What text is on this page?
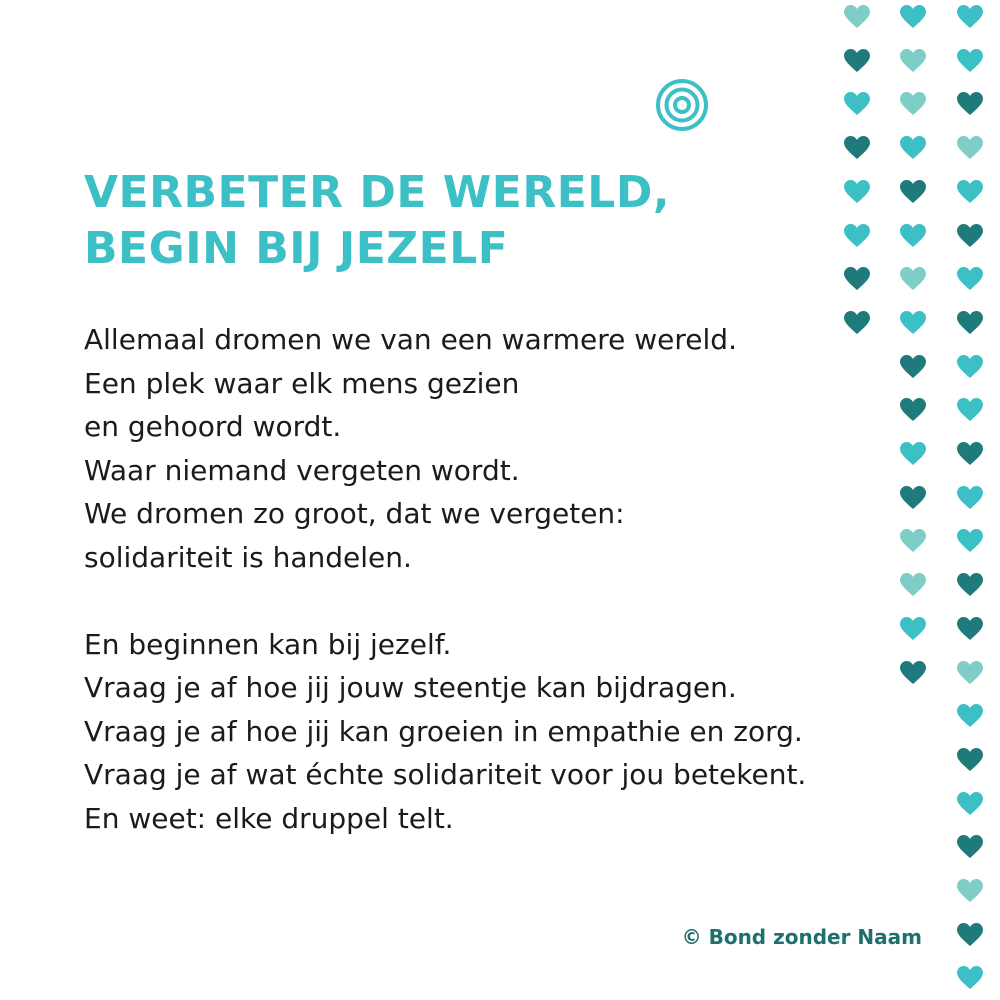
VERBETER DE WERELD,
BEGIN BIJ JEZELF
Allemaal dromen we van een warmere wereld.
Een plek waar elk mens gezien
en gehoord wordt.
Waar niemand vergeten wordt.
We dromen zo groot, dat we vergeten:
solidariteit is handelen.
En beginnen kan bij jezelf.
Vraag je af hoe jij jouw steentje kan bijdragen.
Vraag je af hoe jij kan groeien in empathie en zorg.
Vraag je af wat échte solidariteit voor jou betekent.
En weet: elke druppel telt.
© Bond zonder Naam
